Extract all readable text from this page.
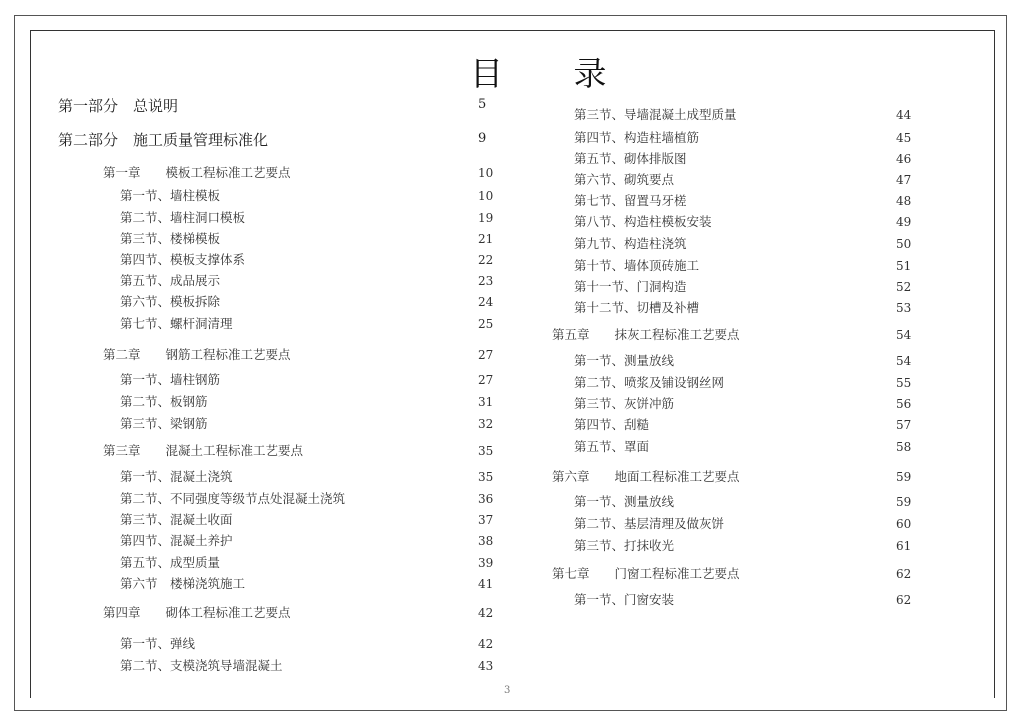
目 录
第一部分　总说明	5
第二部分　施工质量管理标准化	9
第一章　　模板工程标准工艺要点	10
第一节、墙柱模板	10
第二节、墙柱洞口模板	19
第三节、楼梯模板	21
第四节、模板支撑体系	22
第五节、成品展示	23
第六节、模板拆除	24
第七节、螺杆洞清理	25
第二章　　钢筋工程标准工艺要点	27
第一节、墙柱钢筋	27
第二节、板钢筋	31
第三节、梁钢筋	32
第三章　　混凝土工程标准工艺要点	35
第一节、混凝土浇筑	35
第二节、不同强度等级节点处混凝土浇筑	36
第三节、混凝土收面	37
第四节、混凝土养护	38
第五节、成型质量	39
第六节　楼梯浇筑施工	41
第四章　　砌体工程标准工艺要点	42
第一节、弹线	42
第二节、支模浇筑导墙混凝土	43
第三节、导墙混凝土成型质量	44
第四节、构造柱墙植筋	45
第五节、砌体排版图	46
第六节、砌筑要点	47
第七节、留置马牙槎	48
第八节、构造柱模板安装	49
第九节、构造柱浇筑	50
第十节、墙体顶砖施工	51
第十一节、门洞构造	52
第十二节、切槽及补槽	53
第五章　　抹灰工程标准工艺要点	54
第一节、测量放线	54
第二节、喷浆及铺设钢丝网	55
第三节、灰饼冲筋	56
第四节、刮糙	57
第五节、罩面	58
第六章　　地面工程标准工艺要点	59
第一节、测量放线	59
第二节、基层清理及做灰饼	60
第三节、打抹收光	61
第七章　　门窗工程标准工艺要点	62
第一节、门窗安装	62
3
